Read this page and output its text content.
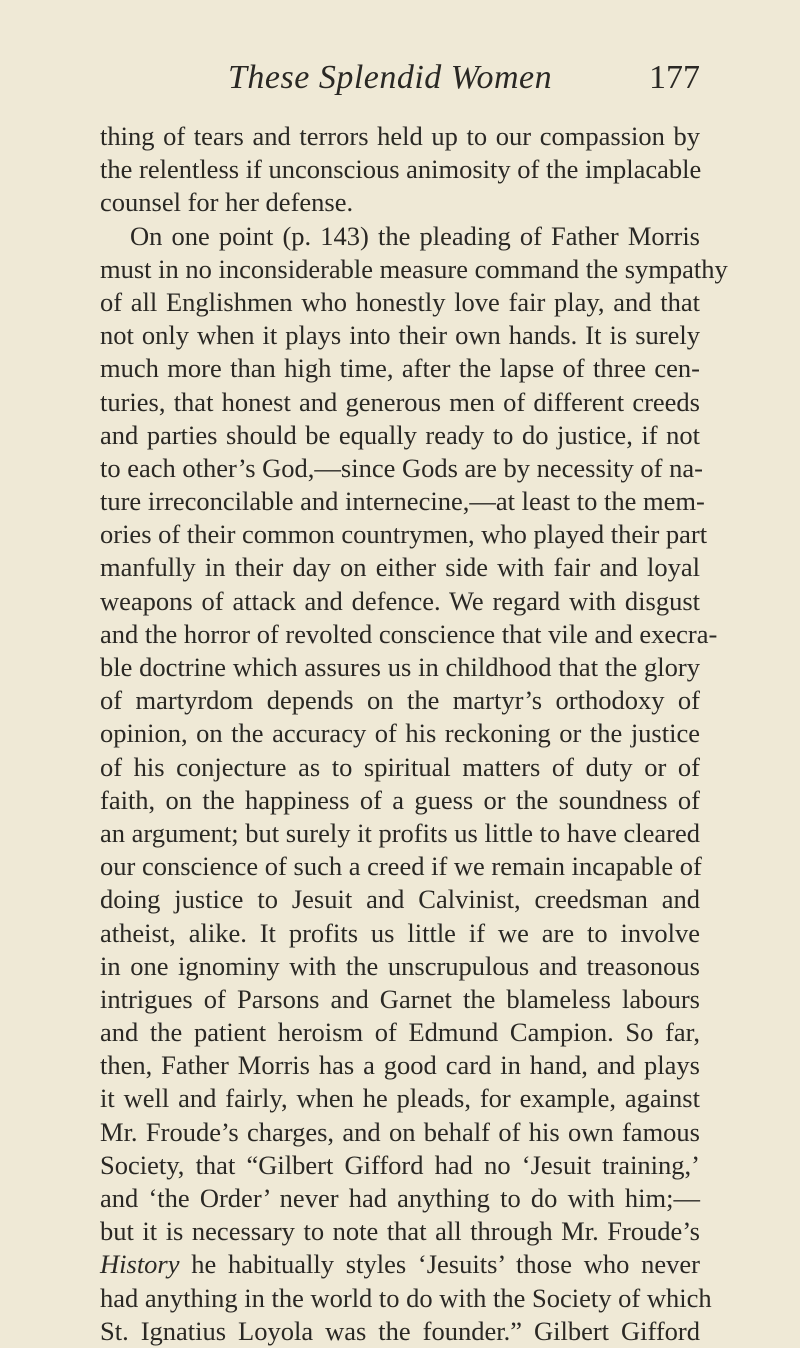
These Splendid Women	177
thing of tears and terrors held up to our compassion by
the relentless if unconscious animosity of the implacable
counsel for her defense.
On one point (p. 143) the pleading of Father Morris
must in no inconsiderable measure command the sympathy
of all Englishmen who honestly love fair play, and that
not only when it plays into their own hands. It is surely
much more than high time, after the lapse of three cen-
turies, that honest and generous men of different creeds
and parties should be equally ready to do justice, if not
to each other’s God,—since Gods are by necessity of na-
ture irreconcilable and internecine,—at least to the mem-
ories of their common countrymen, who played their part
manfully in their day on either side with fair and loyal
weapons of attack and defence. We regard with disgust
and the horror of revolted conscience that vile and execra-
ble doctrine which assures us in childhood that the glory
of martyrdom depends on the martyr’s orthodoxy of
opinion, on the accuracy of his reckoning or the justice
of his conjecture as to spiritual matters of duty or of
faith, on the happiness of a guess or the soundness of
an argument; but surely it profits us little to have cleared
our conscience of such a creed if we remain incapable of
doing justice to Jesuit and Calvinist, creedsman and
atheist, alike. It profits us little if we are to involve
in one ignominy with the unscrupulous and treasonous
intrigues of Parsons and Garnet the blameless labours
and the patient heroism of Edmund Campion. So far,
then, Father Morris has a good card in hand, and plays
it well and fairly, when he pleads, for example, against
Mr. Froude’s charges, and on behalf of his own famous
Society, that “Gilbert Gifford had no ‘Jesuit training,’
and ‘the Order’ never had anything to do with him;—
but it is necessary to note that all through Mr. Froude’s
History he habitually styles ‘Jesuits’ those who never
had anything in the world to do with the Society of which
St. Ignatius Loyola was the founder.” Gilbert Gifford
